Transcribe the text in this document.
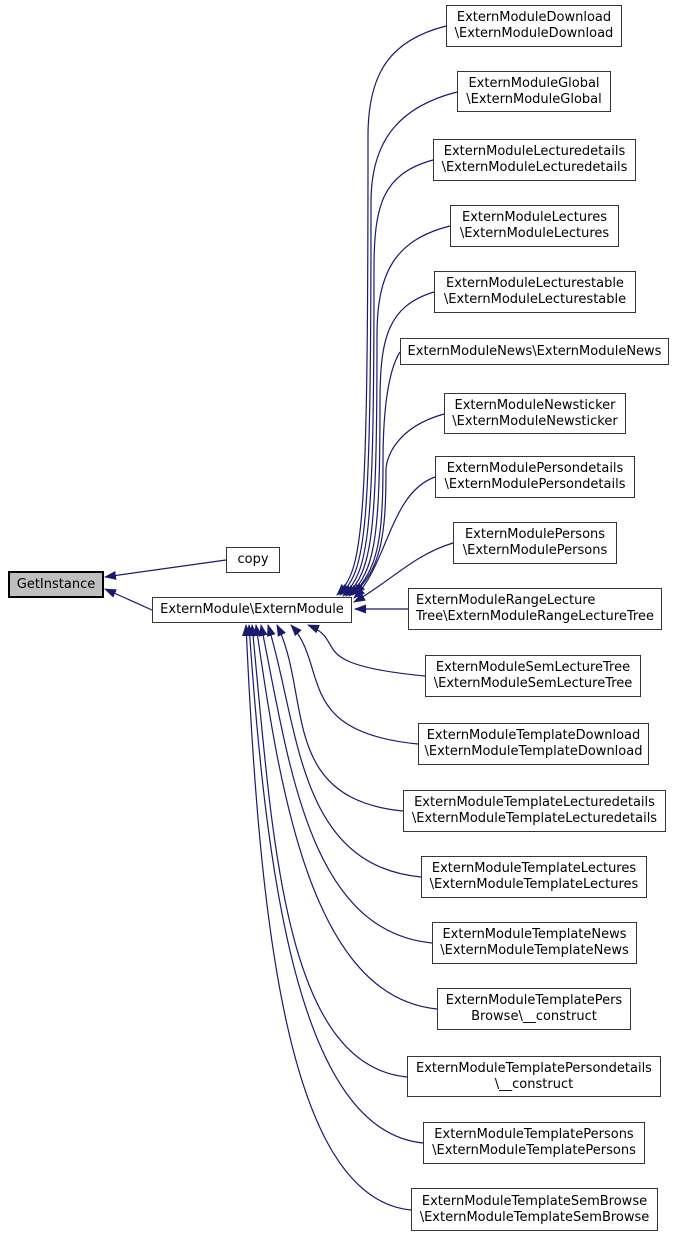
GetInstance
copy
ExternModule\ExternModule
ExternModuleDownload
\ExternModuleDownload
ExternModuleGlobal
\ExternModuleGlobal
ExternModuleLecturedetails
\ExternModuleLecturedetails
ExternModuleLectures
\ExternModuleLectures
ExternModuleLecturestable
\ExternModuleLecturestable
ExternModuleNews\ExternModuleNews
ExternModuleNewsticker
\ExternModuleNewsticker
ExternModulePersondetails
\ExternModulePersondetails
ExternModulePersons
\ExternModulePersons
ExternModuleRangeLecture
Tree\ExternModuleRangeLectureTree
ExternModuleSemLectureTree
\ExternModuleSemLectureTree
ExternModuleTemplateDownload
\ExternModuleTemplateDownload
ExternModuleTemplateLecturedetails
\ExternModuleTemplateLecturedetails
ExternModuleTemplateLectures
\ExternModuleTemplateLectures
ExternModuleTemplateNews
\ExternModuleTemplateNews
ExternModuleTemplatePers
Browse\__construct
ExternModuleTemplatePersondetails
\__construct
ExternModuleTemplatePersons
\ExternModuleTemplatePersons
ExternModuleTemplateSemBrowse
\ExternModuleTemplateSemBrowse
